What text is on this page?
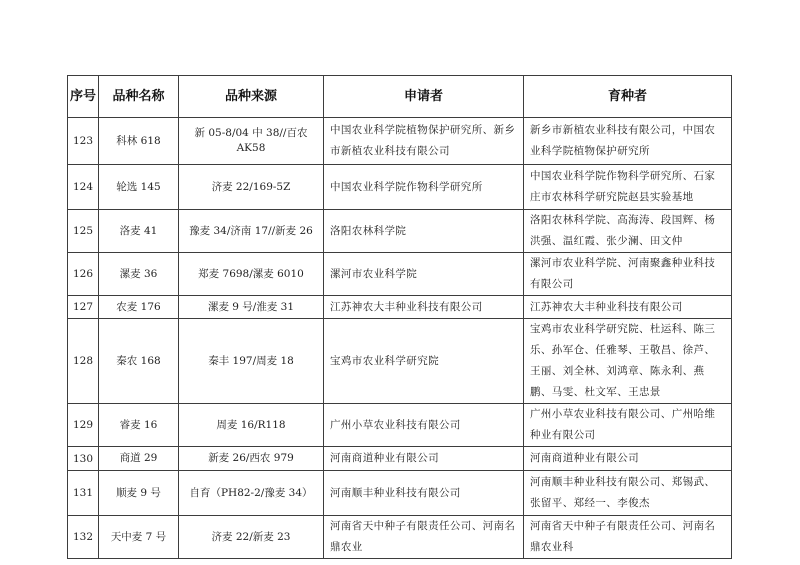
序号	品种名称	品种来源	申请者	育种者
123	科林 618	新 05-8/04 中 38//百农 AK58	中国农业科学院植物保护研究所、新乡市新植农业科技有限公司	新乡市新植农业科技有限公司，中国农业科学院植物保护研究所
124	轮选 145	济麦 22/169-5Z	中国农业科学院作物科学研究所	中国农业科学院作物科学研究所、石家庄市农林科学研究院赵县实验基地
125	洛麦 41	豫麦 34/济南 17//新麦 26	洛阳农林科学院	洛阳农林科学院、高海涛、段国辉、杨洪强、温红霞、张少澜、田文仲
126	漯麦 36	郑麦 7698/漯麦 6010	漯河市农业科学院	漯河市农业科学院、河南聚鑫种业科技有限公司
127	农麦 176	漯麦 9 号/淮麦 31	江苏神农大丰种业科技有限公司	江苏神农大丰种业科技有限公司
128	秦农 168	秦丰 197/周麦 18	宝鸡市农业科学研究院	宝鸡市农业科学研究院、杜运科、陈三乐、孙军仓、任雅琴、王敬昌、徐芦、王丽、刘全林、刘鸿章、陈永利、燕鹏、马雯、杜文军、王忠景
129	睿麦 16	周麦 16/R118	广州小草农业科技有限公司	广州小草农业科技有限公司、广州哈维种业有限公司
130	商道 29	新麦 26/西农 979	河南商道种业有限公司	河南商道种业有限公司
131	顺麦 9 号	自育（PH82-2/豫麦 34）	河南顺丰种业科技有限公司	河南顺丰种业科技有限公司、郑锡武、张留平、郑经一、李俊杰
132	天中麦 7 号	济麦 22/新麦 23	河南省天中种子有限责任公司、河南名鼎农业	河南省天中种子有限责任公司、河南名鼎农业科
